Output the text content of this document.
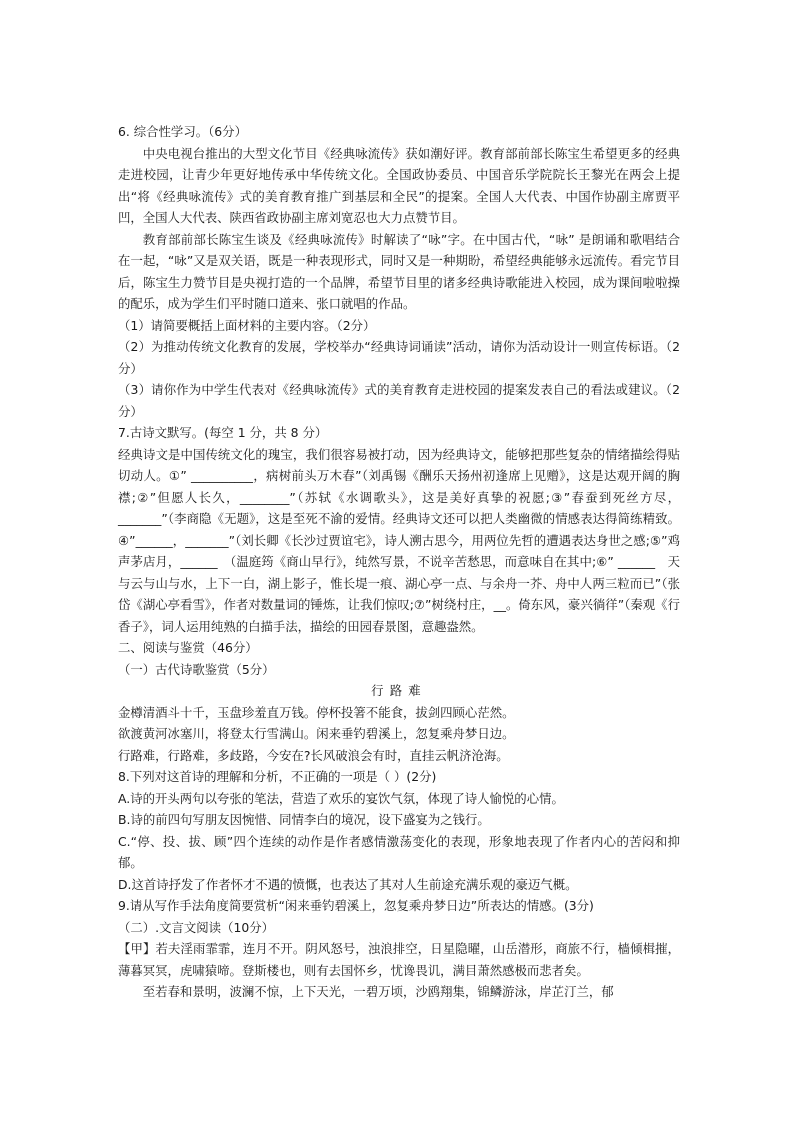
6. 综合性学习。（6分）

中央电视台推出的大型文化节目《经典咏流传》获如潮好评。教育部前部长陈宝生希望更多的经典走进校园，让青少年更好地传承中华传统文化。全国政协委员、中国音乐学院院长王黎光在两会上提出“将《经典咏流传》式的美育教育推广到基层和全民”的提案。全国人大代表、中国作协副主席贾平凹，全国人大代表、陕西省政协副主席刘宽忍也大力点赞节目。

教育部前部长陈宝生谈及《经典咏流传》时解读了“咏”字。在中国古代，“咏” 是朗诵和歌唱结合在一起，“咏”又是双关语，既是一种表现形式，同时又是一种期盼，希望经典能够永远流传。看完节目后，陈宝生力赞节目是央视打造的一个品牌，希望节目里的诸多经典诗歌能进入校园，成为课间啦啦操的配乐，成为学生们平时随口道来、张口就唱的作品。

（1）请简要概括上面材料的主要内容。（2分）

（2）为推动传统文化教育的发展，学校举办“经典诗词诵读”活动，请你为活动设计一则宣传标语。（2分）

（3）请你作为中学生代表对《经典咏流传》式的美育教育走进校园的提案发表自己的看法或建议。（2分）

7.古诗文默写。(每空 1 分，共 8 分）

经典诗文是中国传统文化的瑰宝，我们很容易被打动，因为经典诗文，能够把那些复杂的情绪描绘得贴切动人。①” __________，病树前头万木春”（刘禹锡《酬乐天扬州初逢席上见赠》，这是达观开阔的胸襟;②”但愿人长久，________”（苏轼《水调歌头》，这是美好真挚的祝愿;③”春蚕到死丝方尽，_______”（李商隐《无题》，这是至死不渝的爱情。经典诗文还可以把人类幽微的情感表达得简练精致。④”______，_______”（刘长卿《长沙过贾谊宅》，诗人溯古思今，用两位先哲的遭遇表达身世之感;⑤”鸡声茅店月，______　（温庭筠《商山早行》，纯然写景，不说辛苦愁思，而意味自在其中;⑥” ______　天与云与山与水，上下一白，湖上影子，惟长堤一痕、湖心亭一点、与余舟一芥、舟中人两三粒而已”（张岱《湖心亭看雪》，作者对数量词的锤炼，让我们惊叹;⑦”树绕村庄，__。倚东风，豪兴徜徉”（秦观《行香子》，词人运用纯熟的白描手法，描绘的田园春景图，意趣盎然。

二、阅读与鉴赏（46分）

（一）古代诗歌鉴赏（5分）

行路难

金樽清酒斗十千，玉盘珍羞直万钱。停杯投箸不能食，拔剑四顾心茫然。

欲渡黄河冰塞川，将登太行雪满山。闲来垂钓碧溪上，忽复乘舟梦日边。

行路难，行路难，多歧路，今安在?长风破浪会有时，直挂云帆济沧海。

8.下列对这首诗的理解和分析，不正确的一项是（ ）(2分)

A.诗的开头两句以夸张的笔法，营造了欢乐的宴饮气氛，体现了诗人愉悦的心情。

B.诗的前四句写朋友因惋惜、同情李白的境况，设下盛宴为之钱行。

C.“停、投、拔、顾”四个连续的动作是作者感情激荡变化的表现，形象地表现了作者内心的苦闷和抑郁。

D.这首诗抒发了作者怀才不遇的愤慨，也表达了其对人生前途充满乐观的豪迈气概。

9.请从写作手法角度简要赏析“闲来垂钓碧溪上，忽复乘舟梦日边”所表达的情感。(3分)

（二）.文言文阅读（10分）

【甲】若夫淫雨霏霏，连月不开。阴风怒号，浊浪排空，日星隐曜，山岳潜形，商旅不行，樯倾楫摧，薄暮冥冥，虎啸猿啼。登斯楼也，则有去国怀乡，忧谗畏讥，满目萧然感极而悲者矣。

至若春和景明，波澜不惊，上下天光，一碧万顷，沙鸥翔集，锦鳞游泳，岸芷汀兰，郁
